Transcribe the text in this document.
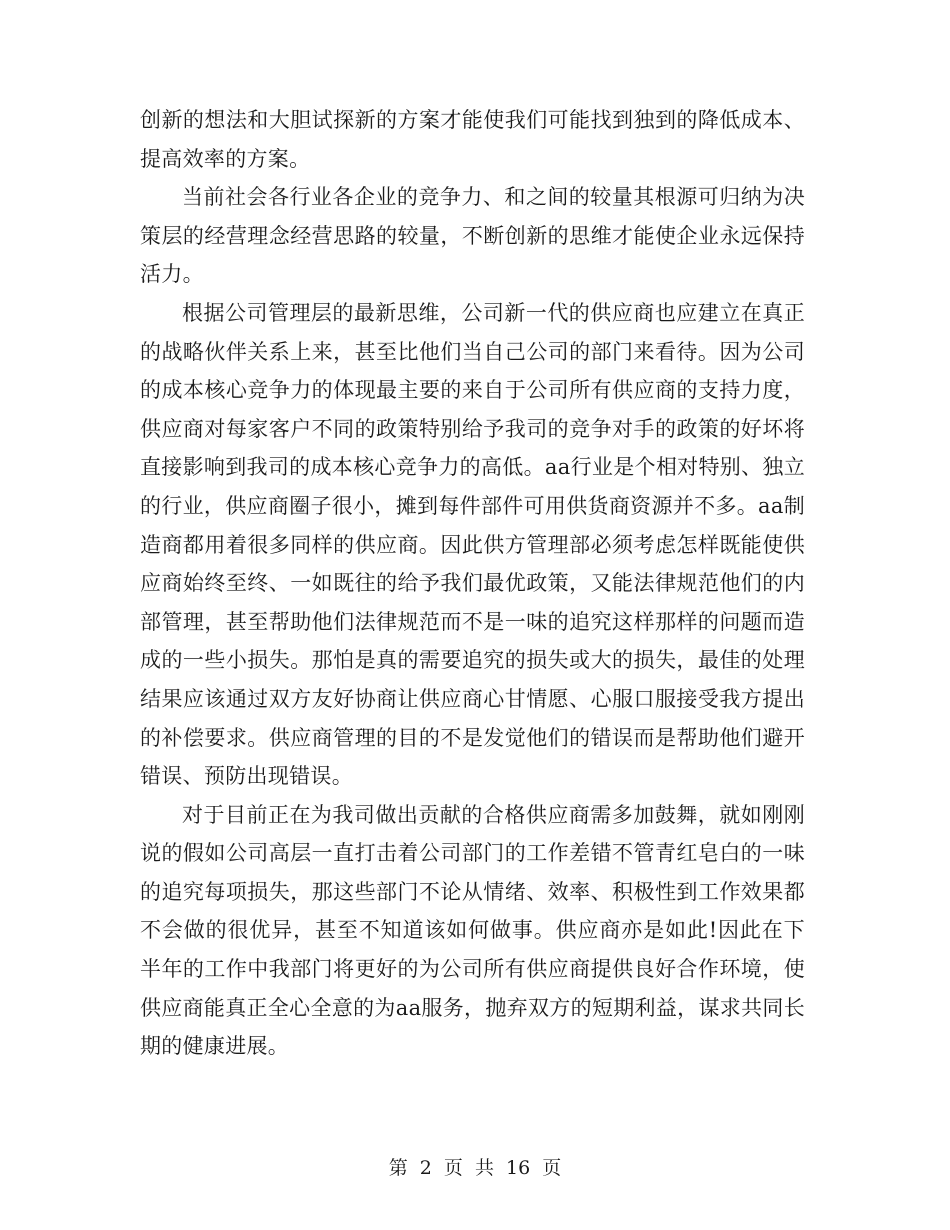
创新的想法和大胆试探新的方案才能使我们可能找到独到的降低成本、提高效率的方案。

当前社会各行业各企业的竞争力、和之间的较量其根源可归纳为决策层的经营理念经营思路的较量，不断创新的思维才能使企业永远保持活力。

根据公司管理层的最新思维，公司新一代的供应商也应建立在真正的战略伙伴关系上来，甚至比他们当自己公司的部门来看待。因为公司的成本核心竞争力的体现最主要的来自于公司所有供应商的支持力度，供应商对每家客户不同的政策特别给予我司的竞争对手的政策的好坏将直接影响到我司的成本核心竞争力的高低。aa行业是个相对特别、独立的行业，供应商圈子很小，摊到每件部件可用供货商资源并不多。aa制造商都用着很多同样的供应商。因此供方管理部必须考虑怎样既能使供应商始终至终、一如既往的给予我们最优政策，又能法律规范他们的内部管理，甚至帮助他们法律规范而不是一味的追究这样那样的问题而造成的一些小损失。那怕是真的需要追究的损失或大的损失，最佳的处理结果应该通过双方友好协商让供应商心甘情愿、心服口服接受我方提出的补偿要求。供应商管理的目的不是发觉他们的错误而是帮助他们避开错误、预防出现错误。

对于目前正在为我司做出贡献的合格供应商需多加鼓舞，就如刚刚说的假如公司高层一直打击着公司部门的工作差错不管青红皂白的一味的追究每项损失，那这些部门不论从情绪、效率、积极性到工作效果都不会做的很优异，甚至不知道该如何做事。供应商亦是如此!因此在下半年的工作中我部门将更好的为公司所有供应商提供良好合作环境，使供应商能真正全心全意的为aa服务，抛弃双方的短期利益，谋求共同长期的健康进展。

第 2 页 共 16 页
